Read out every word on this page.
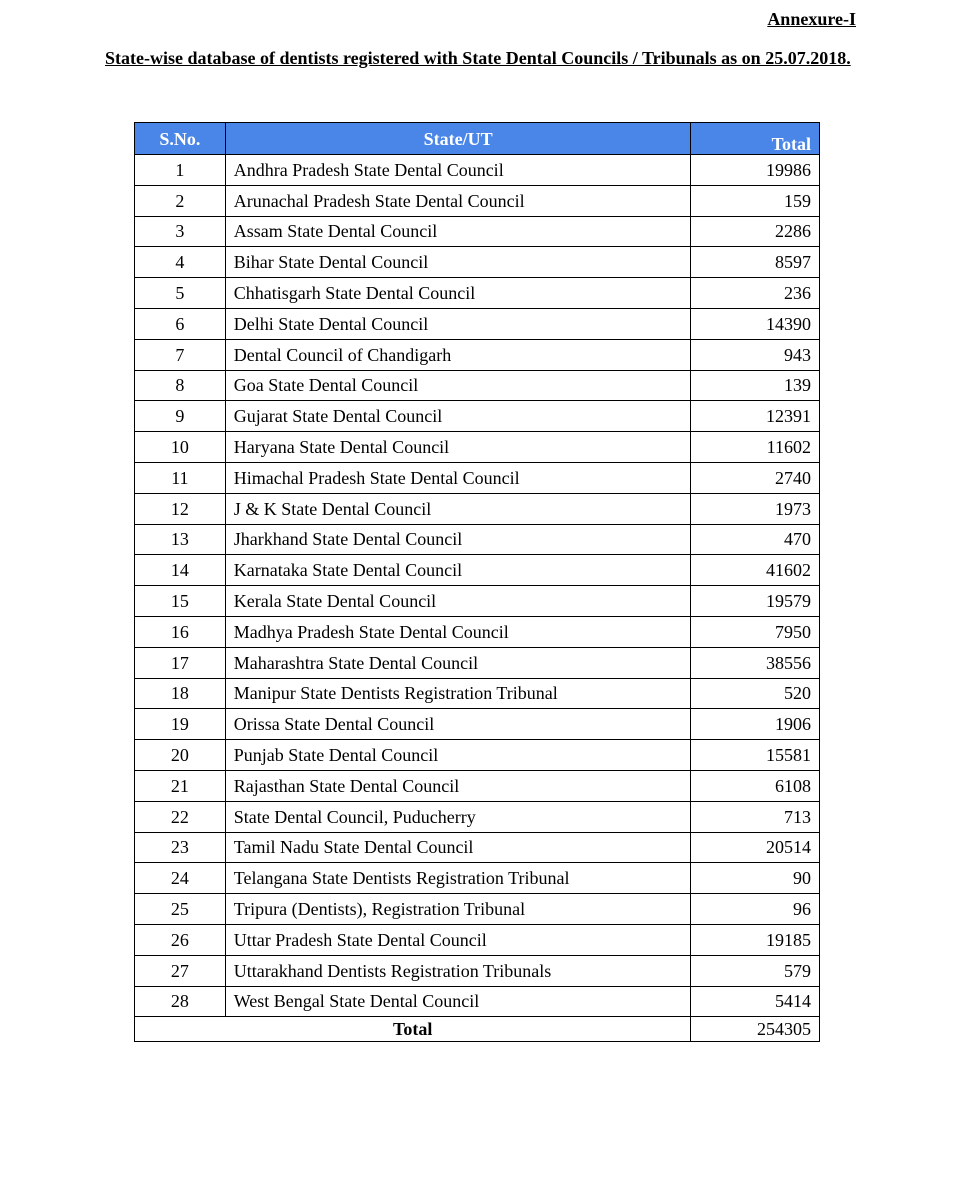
Annexure-I

State-wise database of dentists registered with State Dental Councils / Tribunals as on 25.07.2018.

S.No.	State/UT	Total
1	Andhra Pradesh State Dental Council	19986
2	Arunachal Pradesh State Dental Council	159
3	Assam State Dental Council	2286
4	Bihar State Dental Council	8597
5	Chhatisgarh State Dental Council	236
6	Delhi State Dental Council	14390
7	Dental Council of Chandigarh	943
8	Goa State Dental Council	139
9	Gujarat State Dental Council	12391
10	Haryana State Dental Council	11602
11	Himachal Pradesh State Dental Council	2740
12	J & K State Dental Council	1973
13	Jharkhand State Dental Council	470
14	Karnataka State Dental Council	41602
15	Kerala State Dental Council	19579
16	Madhya Pradesh State Dental Council	7950
17	Maharashtra State Dental Council	38556
18	Manipur State Dentists Registration Tribunal	520
19	Orissa State Dental Council	1906
20	Punjab State Dental Council	15581
21	Rajasthan State Dental Council	6108
22	State Dental Council, Puducherry	713
23	Tamil Nadu State Dental Council	20514
24	Telangana State Dentists Registration Tribunal	90
25	Tripura (Dentists), Registration Tribunal	96
26	Uttar Pradesh State Dental Council	19185
27	Uttarakhand Dentists Registration Tribunals	579
28	West Bengal State Dental Council	5414
Total		254305
